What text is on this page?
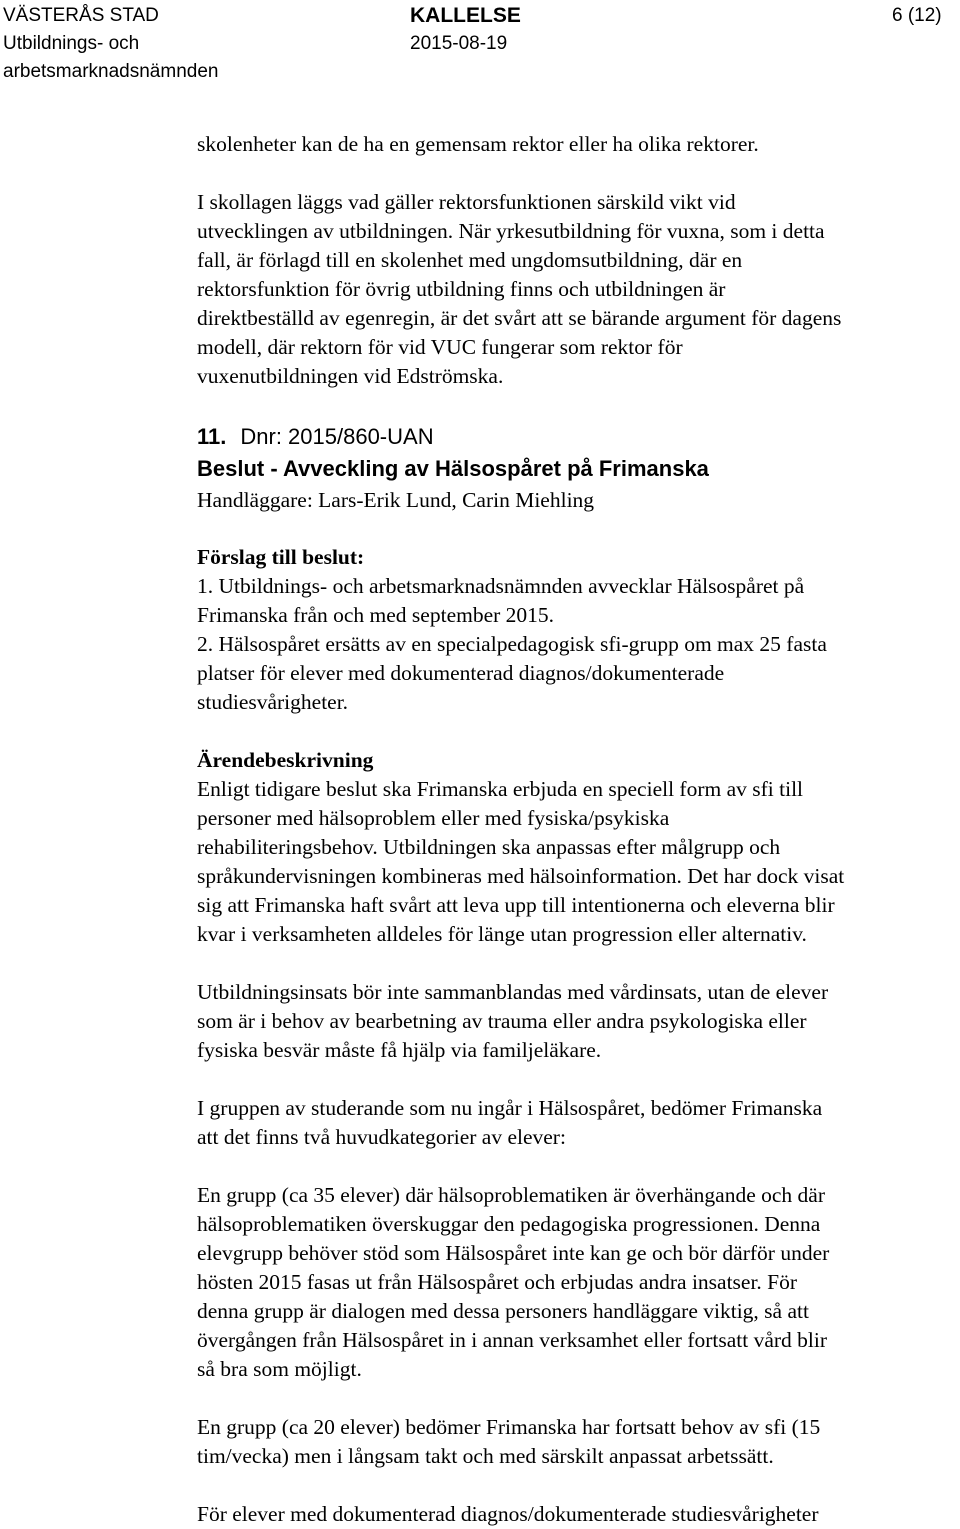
VÄSTERÅS STAD
Utbildnings- och
arbetsmarknadsnämnden
KALLELSE
2015-08-19
6 (12)

skolenheter kan de ha en gemensam rektor eller ha olika rektorer.

I skollagen läggs vad gäller rektorsfunktionen särskild vikt vid
utvecklingen av utbildningen. När yrkesutbildning för vuxna, som i detta
fall, är förlagd till en skolenhet med ungdomsutbildning, där en
rektorsfunktion för övrig utbildning finns och utbildningen är
direktbeställd av egenregin, är det svårt att se bärande argument för dagens
modell, där rektorn för vid VUC fungerar som rektor för
vuxenutbildningen vid Edströmska.
11. Dnr: 2015/860-UAN
Beslut - Avveckling av Hälsospåret på Frimanska
Handläggare: Lars-Erik Lund, Carin Miehling
Förslag till beslut:
1. Utbildnings- och arbetsmarknadsnämnden avvecklar Hälsospåret på
Frimanska från och med september 2015.
2. Hälsospåret ersätts av en specialpedagogisk sfi-grupp om max 25 fasta
platser för elever med dokumenterad diagnos/dokumenterade
studiesvårigheter.
Ärendebeskrivning
Enligt tidigare beslut ska Frimanska erbjuda en speciell form av sfi till
personer med hälsoproblem eller med fysiska/psykiska
rehabiliteringsbehov. Utbildningen ska anpassas efter målgrupp och
språkundervisningen kombineras med hälsoinformation. Det har dock visat
sig att Frimanska haft svårt att leva upp till intentionerna och eleverna blir
kvar i verksamheten alldeles för länge utan progression eller alternativ.
Utbildningsinsats bör inte sammanblandas med vårdinsats, utan de elever
som är i behov av bearbetning av trauma eller andra psykologiska eller
fysiska besvär måste få hjälp via familjeläkare.
I gruppen av studerande som nu ingår i Hälsospåret, bedömer Frimanska
att det finns två huvudkategorier av elever:
En grupp (ca 35 elever) där hälsoproblematiken är överhängande och där
hälsoproblematiken överskuggar den pedagogiska progressionen. Denna
elevgrupp behöver stöd som Hälsospåret inte kan ge och bör därför under
hösten 2015 fasas ut från Hälsospåret och erbjudas andra insatser. För
denna grupp är dialogen med dessa personers handläggare viktig, så att
övergången från Hälsospåret in i annan verksamhet eller fortsatt vård blir
så bra som möjligt.
En grupp (ca 20 elever) bedömer Frimanska har fortsatt behov av sfi (15
tim/vecka) men i långsam takt och med särskilt anpassat arbetssätt.
För elever med dokumenterad diagnos/dokumenterade studiesvårigheter
